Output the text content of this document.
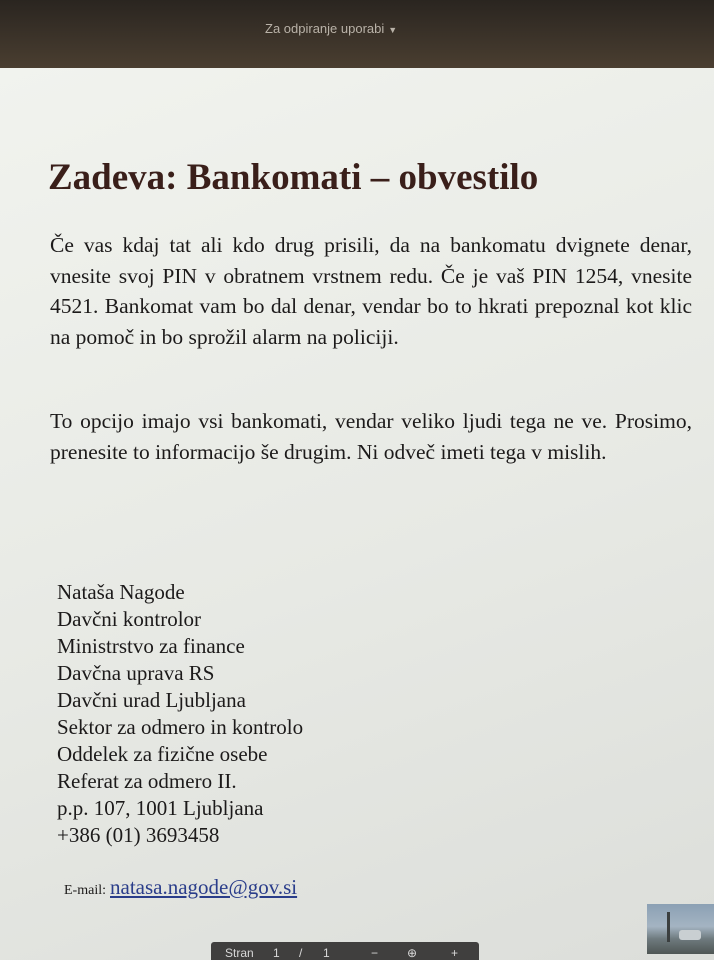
Za odpiranje uporabi ▼
Zadeva: Bankomati – obvestilo

Če vas kdaj tat ali kdo drug prisili, da na bankomatu dvignete denar, vnesite svoj PIN v obratnem vrstnem redu. Če je vaš PIN 1254, vnesite 4521. Bankomat vam bo dal denar, vendar bo to hkrati prepoznal kot klic na pomoč in bo sprožil alarm na policiji.

To opcijo imajo vsi bankomati, vendar veliko ljudi tega ne ve. Prosimo, prenesite to informacijo še drugim. Ni odveč imeti tega v mislih.

Nataša Nagode
Davčni kontrolor
Ministrstvo za finance
Davčna uprava RS
Davčni urad Ljubljana
Sektor za odmero in kontrolo
Oddelek za fizične osebe
Referat za odmero II.
p.p. 107, 1001 Ljubljana
+386 (01) 3693458
E-mail: natasa.nagode@gov.si
Stran 1 / 1	− ⊕	+
